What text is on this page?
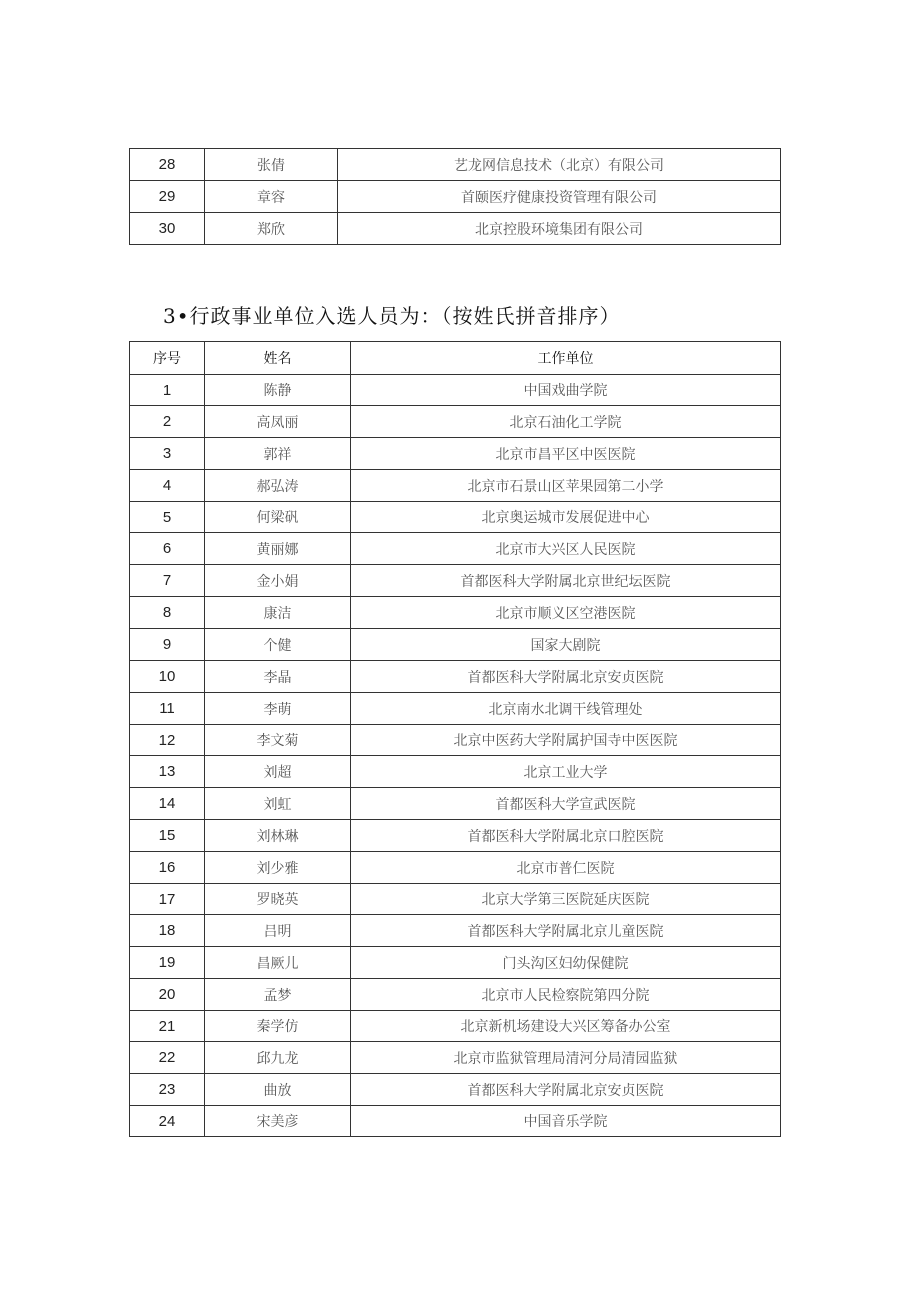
28	张倩	艺龙网信息技术（北京）有限公司
29	章容	首颐医疗健康投资管理有限公司
30	郑欣	北京控股环境集团有限公司
3•行政事业单位入选人员为：（按姓氏拼音排序）
序号	姓名	工作单位
1	陈静	中国戏曲学院
2	高凤丽	北京石油化工学院
3	郭祥	北京市昌平区中医医院
4	郝弘涛	北京市石景山区苹果园第二小学
5	何梁矾	北京奥运城市发展促进中心
6	黄丽娜	北京市大兴区人民医院
7	金小娟	首都医科大学附属北京世纪坛医院
8	康洁	北京市顺义区空港医院
9	个健	国家大剧院
10	李晶	首都医科大学附属北京安贞医院
11	李萌	北京南水北调干线管理处
12	李文菊	北京中医药大学附属护国寺中医医院
13	刘超	北京工业大学
14	刘虹	首都医科大学宣武医院
15	刘林琳	首都医科大学附属北京口腔医院
16	刘少雅	北京市普仁医院
17	罗晓英	北京大学第三医院延庆医院
18	吕明	首都医科大学附属北京儿童医院
19	昌厥儿	门头沟区妇幼保健院
20	孟梦	北京市人民检察院第四分院
21	秦学仿	北京新机场建设大兴区筹备办公室
22	邱九龙	北京市监狱管理局清河分局清园监狱
23	曲放	首都医科大学附属北京安贞医院
24	宋美彦	中国音乐学院
